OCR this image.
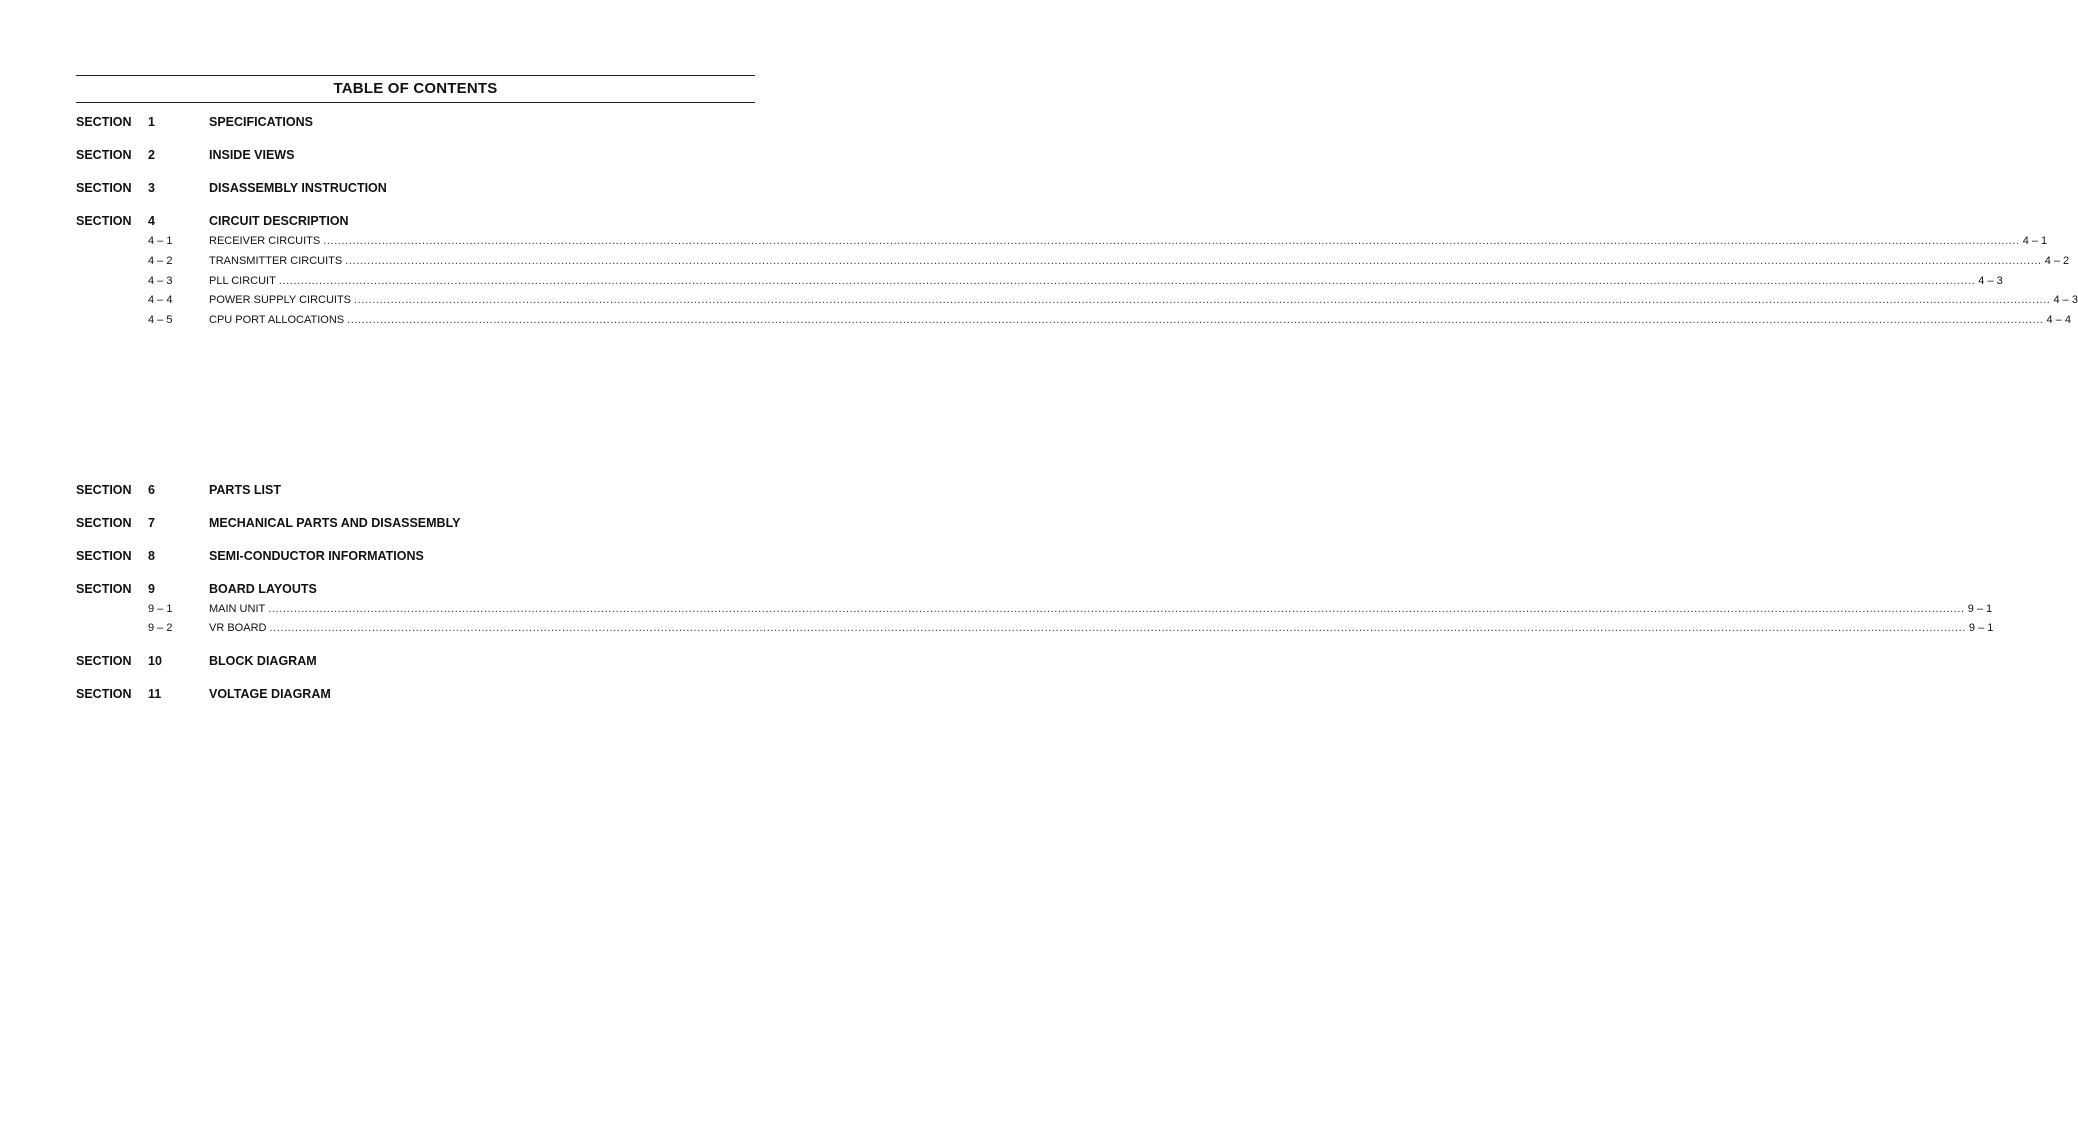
TABLE OF CONTENTS
SECTION 1	SPECIFICATIONS
SECTION 2	INSIDE VIEWS
SECTION 3	DISASSEMBLY INSTRUCTION
SECTION 4	CIRCUIT DESCRIPTION
4 – 1	RECEIVER CIRCUITS ................................................................................................................................................................................................................................................................................................................................................................................................................................................................................ 4 – 1
4 – 2	TRANSMITTER CIRCUITS ................................................................................................................................................................................................................................................................................................................................................................................................................................................................................ 4 – 2
4 – 3	PLL CIRCUIT ................................................................................................................................................................................................................................................................................................................................................................................................................................................................................ 4 – 3
4 – 4	POWER SUPPLY CIRCUITS ................................................................................................................................................................................................................................................................................................................................................................................................................................................................................ 4 – 3
4 – 5	CPU PORT ALLOCATIONS ................................................................................................................................................................................................................................................................................................................................................................................................................................................................................ 4 – 4
SECTION 6	PARTS LIST
SECTION 7	MECHANICAL PARTS AND DISASSEMBLY
SECTION 8	SEMI-CONDUCTOR INFORMATIONS
SECTION 9	BOARD LAYOUTS
9 – 1	MAIN UNIT ................................................................................................................................................................................................................................................................................................................................................................................................................................................................................ 9 – 1
9 – 2	VR BOARD ................................................................................................................................................................................................................................................................................................................................................................................................................................................................................ 9 – 1
SECTION 10	BLOCK DIAGRAM
SECTION 11	VOLTAGE DIAGRAM
